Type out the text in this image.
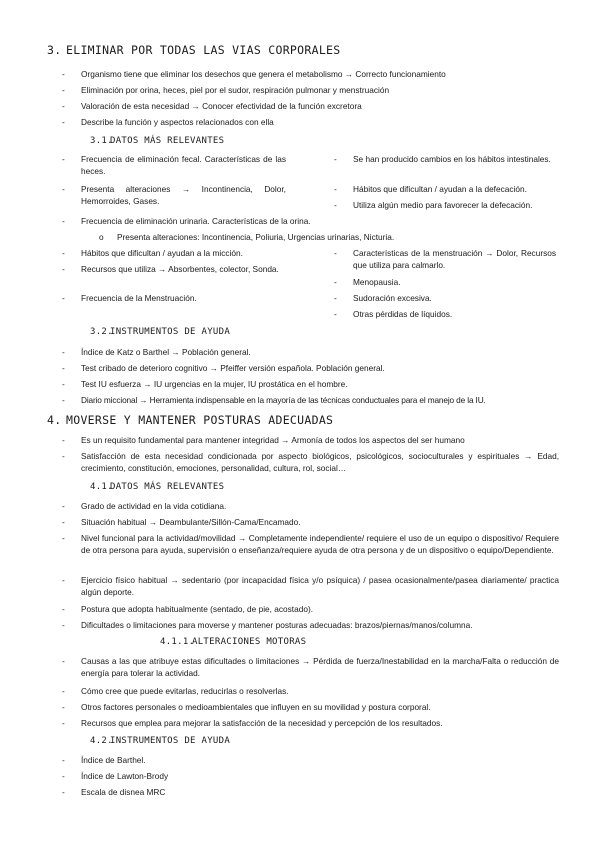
3. ELIMINAR POR TODAS LAS VIAS CORPORALES
- Organismo tiene que eliminar los desechos que genera el metabolismo → Correcto funcionamiento
- Eliminación por orina, heces, piel por el sudor, respiración pulmonar y menstruación
- Valoración de esta necesidad → Conocer efectividad de la función excretora
- Describe la función y aspectos relacionados con ella
3.1.DATOS MÁS RELEVANTES
- Frecuencia de eliminación fecal. Características de las heces.
- Presenta alteraciones → Incontinencia, Dolor, Hemorroides, Gases.
- Se han producido cambios en los hábitos intestinales.
- Hábitos que dificultan / ayudan a la defecación.
- Utiliza algún medio para favorecer la defecación.
- Frecuencia de eliminación urinaria. Características de la orina.
o Presenta alteraciones: Incontinencia, Poliuria, Urgencias urinarias, Nicturia.
- Hábitos que dificultan / ayudan a la micción.
- Recursos que utiliza → Absorbentes, colector, Sonda.
- Frecuencia de la Menstruación.
- Características de la menstruación → Dolor, Recursos que utiliza para calmarlo.
- Menopausia.
- Sudoración excesiva.
- Otras pérdidas de líquidos.
3.2.INSTRUMENTOS DE AYUDA
- Índice de Katz o Barthel → Población general.
- Test cribado de deterioro cognitivo → Pfeiffer versión española. Población general.
- Test IU esfuerza → IU urgencias en la mujer, IU prostática en el hombre.
- Diario miccional → Herramienta indispensable en la mayoría de las técnicas conductuales para el manejo de la IU.
4. MOVERSE Y MANTENER POSTURAS ADECUADAS
- Es un requisito fundamental para mantener integridad → Armonía de todos los aspectos del ser humano
- Satisfacción de esta necesidad condicionada por aspecto biológicos, psicológicos, socioculturales y espirituales → Edad, crecimiento, constitución, emociones, personalidad, cultura, rol, social…
4.1.DATOS MÁS RELEVANTES
- Grado de actividad en la vida cotidiana.
- Situación habitual → Deambulante/Sillón-Cama/Encamado.
- Nivel funcional para la actividad/movilidad → Completamente independiente/ requiere el uso de un equipo o dispositivo/ Requiere de otra persona para ayuda, supervisión o enseñanza/requiere ayuda de otra persona y de un dispositivo o equipo/Dependiente.
- Ejercicio físico habitual → sedentario (por incapacidad física y/o psíquica) / pasea ocasionalmente/pasea diariamente/ practica algún deporte.
- Postura que adopta habitualmente (sentado, de pie, acostado).
- Dificultades o limitaciones para moverse y mantener posturas adecuadas: brazos/piernas/manos/columna.
4.1.1.ALTERACIONES MOTORAS
- Causas a las que atribuye estas dificultades o limitaciones → Pérdida de fuerza/Inestabilidad en la marcha/Falta o reducción de energía para tolerar la actividad.
- Cómo cree que puede evitarlas, reducirlas o resolverlas.
- Otros factores personales o medioambientales que influyen en su movilidad y postura corporal.
- Recursos que emplea para mejorar la satisfacción de la necesidad y percepción de los resultados.
4.2.INSTRUMENTOS DE AYUDA
- Índice de Barthel.
- Índice de Lawton-Brody
- Escala de disnea MRC
